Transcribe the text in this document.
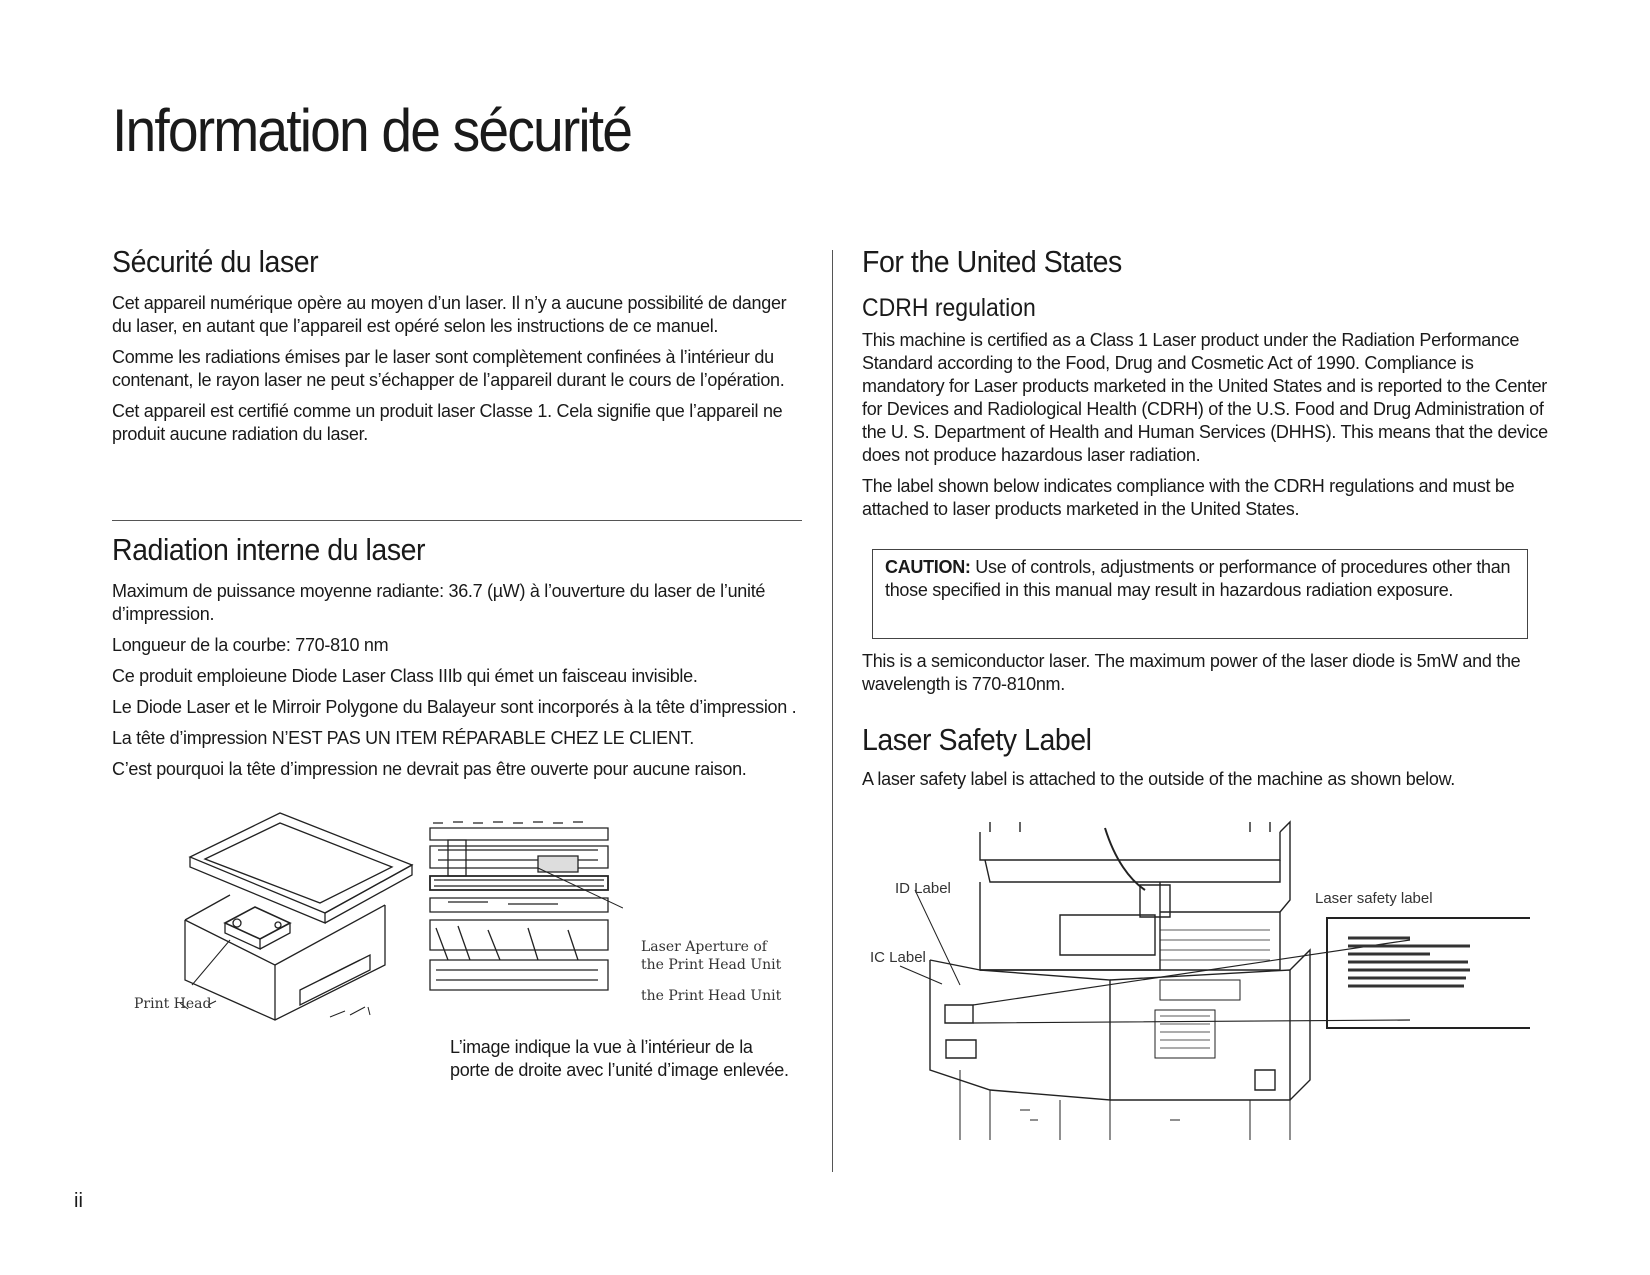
Information de sécurité
Sécurité du laser

Cet appareil numérique opère au moyen d’un laser. Il n’y a aucune possibilité de danger du laser, en autant que l’appareil est opéré selon les instructions de ce manuel.

Comme les radiations émises par le laser sont complètement confinées à l’intérieur du contenant, le rayon laser ne peut s’échapper de l’appareil durant le cours de l’opération.

Cet appareil est certifié comme un produit laser Classe 1. Cela signifie que l’appareil ne produit aucune radiation du laser.

Radiation interne du laser

Maximum de puissance moyenne radiante: 36.7 (µW) à l’ouverture du laser de l’unité d’impression.

Longueur de la courbe: 770-810 nm

Ce produit emploieune Diode Laser Class IIIb qui émet un faisceau invisible.

Le Diode Laser et le Mirroir Polygone du Balayeur sont incorporés à la tête d’impression .

La tête d’impression N’EST PAS UN ITEM RÉPARABLE CHEZ LE CLIENT.

C’est pourquoi la tête d’impression ne devrait pas être ouverte pour aucune raison.

Print Head
Laser Aperture of
the Print Head Unit
the Print Head Unit

L’image indique la vue à l’intérieur de la porte de droite avec l’unité d’image enlevée.

For the United States
CDRH regulation

This machine is certified as a Class 1 Laser product under the Radiation Performance Standard according to the Food, Drug and Cosmetic Act of 1990. Compliance is mandatory for Laser products marketed in the United States and is reported to the Center for Devices and Radiological Health (CDRH) of the U.S. Food and Drug Administration of the U. S. Department of Health and Human Services (DHHS). This means that the device does not produce hazardous laser radiation.

The label shown below indicates compliance with the CDRH regulations and must be attached to laser products marketed in the United States.

CAUTION: Use of controls, adjustments or performance of procedures other than those specified in this manual may result in hazardous radiation exposure.

This is a semiconductor laser. The maximum power of the laser diode is 5mW and the wavelength is 770-810nm.

Laser Safety Label

A laser safety label is attached to the outside of the machine as shown below.

ID Label
IC Label
Laser safety label
ii
